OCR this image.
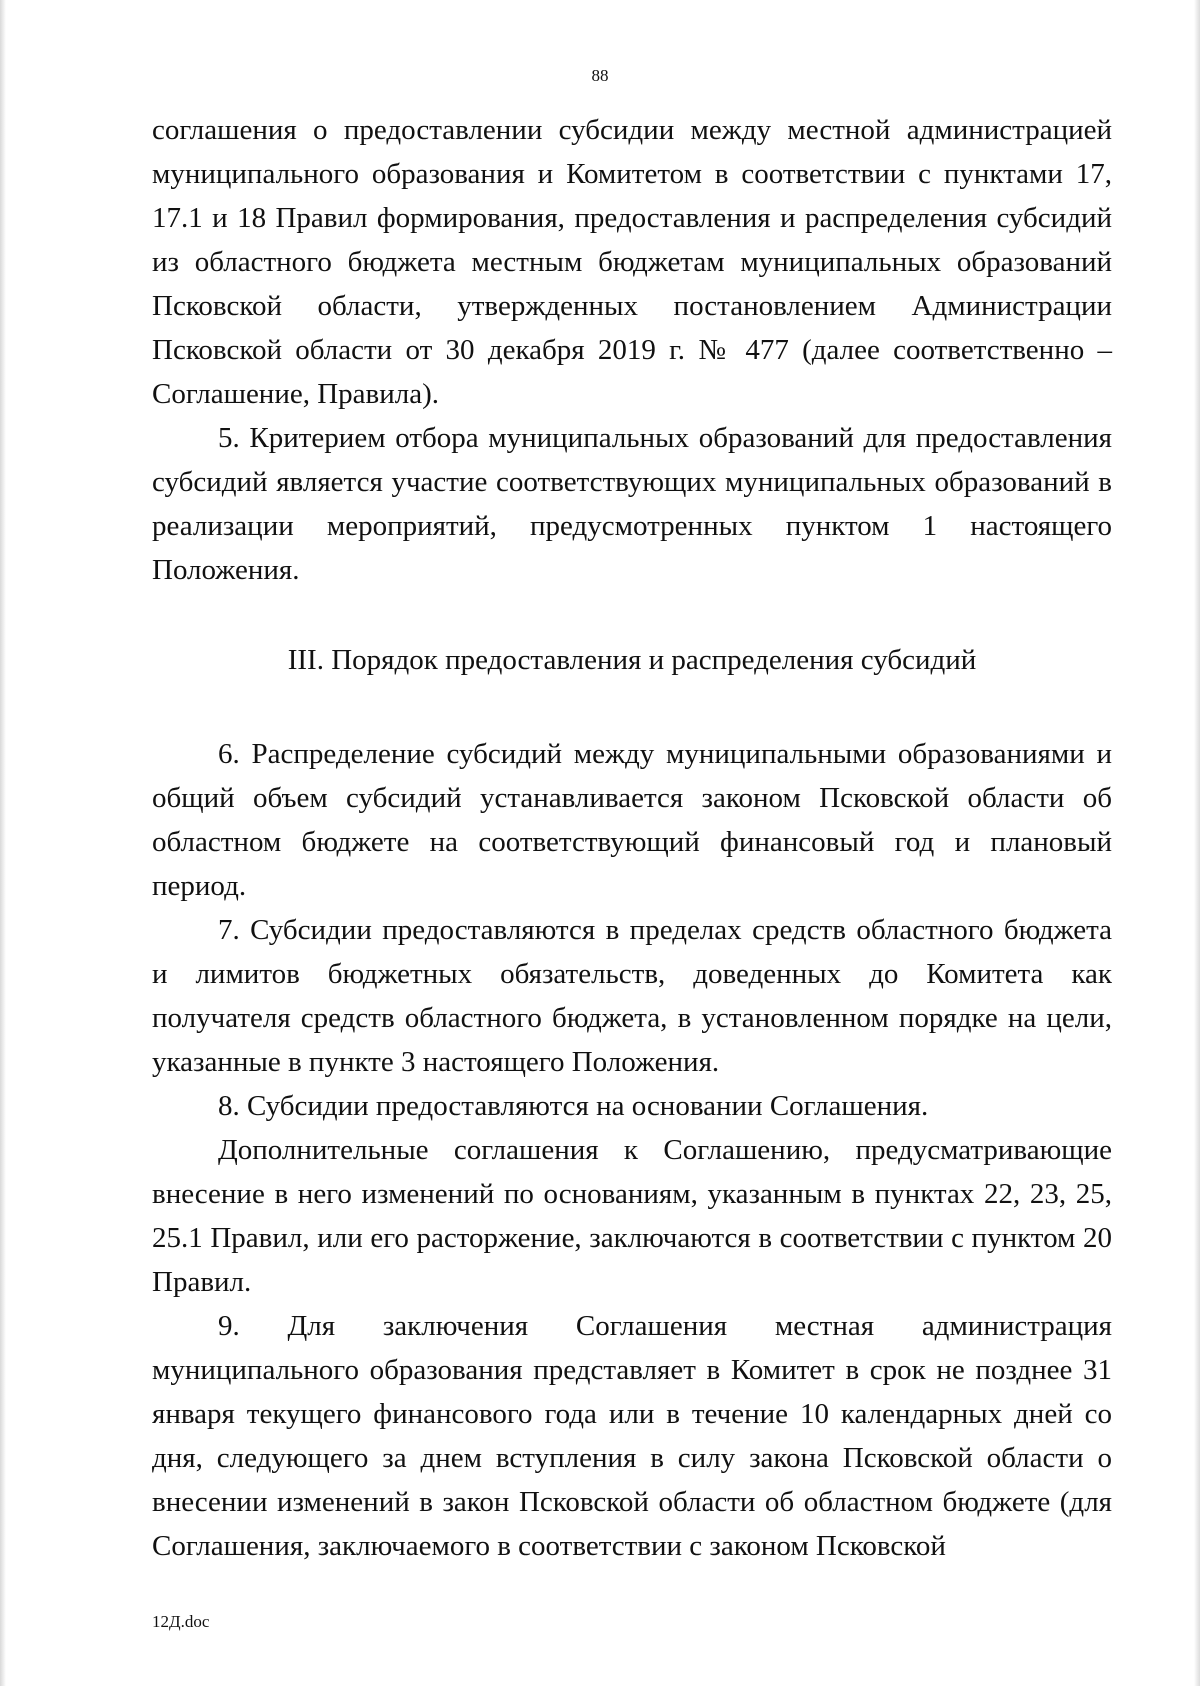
88

соглашения о предоставлении субсидии между местной администрацией муниципального образования и Комитетом в соответствии с пунктами 17, 17.1 и 18 Правил формирования, предоставления и распределения субсидий из областного бюджета местным бюджетам муниципальных образований Псковской области, утвержденных постановлением Администрации Псковской области от 30 декабря 2019 г. № 477 (далее соответственно – Соглашение, Правила).

5. Критерием отбора муниципальных образований для предоставления субсидий является участие соответствующих муниципальных образований в реализации мероприятий, предусмотренных пунктом 1 настоящего Положения.

III. Порядок предоставления и распределения субсидий

6. Распределение субсидий между муниципальными образованиями и общий объем субсидий устанавливается законом Псковской области об областном бюджете на соответствующий финансовый год и плановый период.

7. Субсидии предоставляются в пределах средств областного бюджета и лимитов бюджетных обязательств, доведенных до Комитета как получателя средств областного бюджета, в установленном порядке на цели, указанные в пункте 3 настоящего Положения.

8. Субсидии предоставляются на основании Соглашения.

Дополнительные соглашения к Соглашению, предусматривающие внесение в него изменений по основаниям, указанным в пунктах 22, 23, 25, 25.1 Правил, или его расторжение, заключаются в соответствии с пунктом 20 Правил.

9. Для заключения Соглашения местная администрация муниципального образования представляет в Комитет в срок не позднее 31 января текущего финансового года или в течение 10 календарных дней со дня, следующего за днем вступления в силу закона Псковской области о внесении изменений в закон Псковской области об областном бюджете (для Соглашения, заключаемого в соответствии с законом Псковской

12Д.doc
